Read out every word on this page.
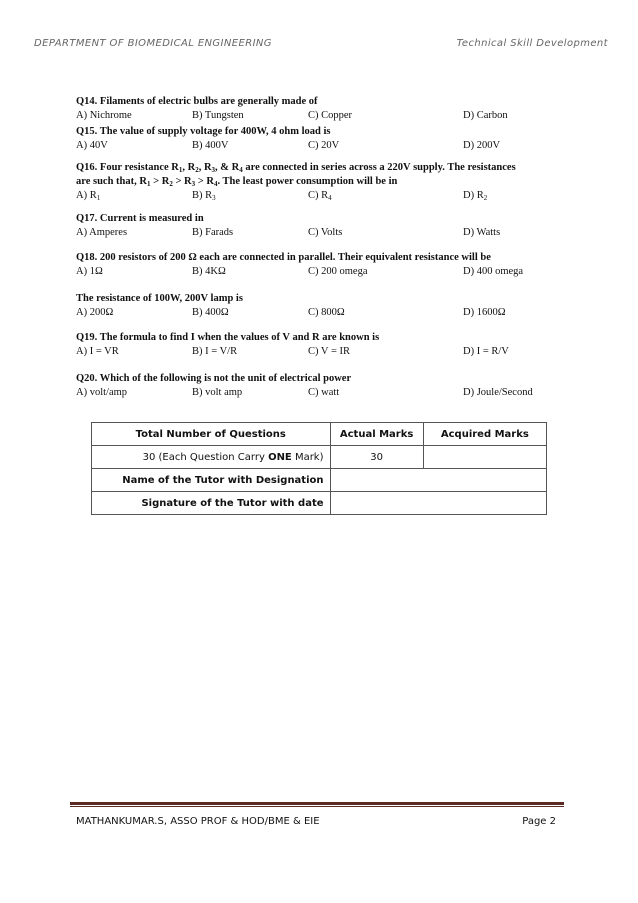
DEPARTMENT OF BIOMEDICAL ENGINEERING	Technical Skill Development
Q14. Filaments of electric bulbs are generally made of
A) Nichrome	B) Tungsten	C) Copper	D) Carbon
Q15. The value of supply voltage for 400W, 4 ohm load is
A) 40V	B) 400V	C) 20V	D) 200V
Q16. Four resistance $R_1$, $R_2$, $R_3$, & $R_4$ are connected in series across a 220V supply. The resistances
are such that, $R_1 > R_2 > R_3 > R_4$. The least power consumption will be in
A) $R_1$	B) $R_3$	C) $R_4$	D) $R_2$
Q17. Current is measured in
A) Amperes	B) Farads	C) Volts	D) Watts
Q18. 200 resistors of 200 Ω each are connected in parallel. Their equivalent resistance will be
A) 1Ω	B) 4KΩ	C) 200 omega	D) 400 omega
The resistance of 100W, 200V lamp is
A) 200Ω	B) 400Ω	C) 800Ω	D) 1600Ω
Q19. The formula to find I when the values of V and R are known is
A) I = VR	B) I = V/R	C) V = IR	D) I = R/V
Q20. Which of the following is not the unit of electrical power
A) volt/amp	B) volt amp	C) watt	D) Joule/Second
Total Number of Questions	Actual Marks	Acquired Marks
30 (Each Question Carry ONE Mark)	30	
Name of the Tutor with Designation		
Signature of the Tutor with date		
MATHANKUMAR.S, ASSO PROF & HOD/BME & EIE	Page 2
